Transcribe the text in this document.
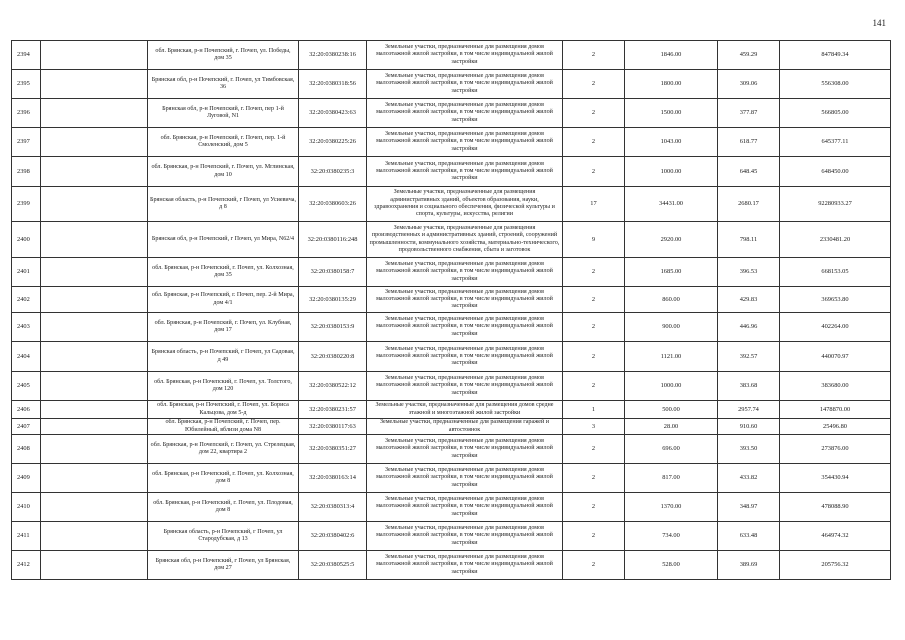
141
2394		обл. Брянская, р-н Почепский, г. Почеп, ул. Победы, дом 35	32:20:0380238:16	Земельные участки, предназначенные для размещения домов малоэтажной жилой застройки, в том числе индивидуальной жилой застройки	2	1846.00	459.29	847849.34
2395		Брянская обл, р-н Почепский, г. Почеп, ул Тимбовская, 36	32:20:0380318:56	Земельные участки, предназначенные для размещения домов малоэтажной жилой застройки, в том числе индивидуальной жилой застройки	2	1800.00	309.06	556308.00
2396		Брянская обл, р-н Почепский, г. Почеп, пер 1-й Луговой, N1	32:20:0380423:63	Земельные участки, предназначенные для размещения домов малоэтажной жилой застройки, в том числе индивидуальной жилой застройки	2	1500.00	377.87	566805.00
2397		обл. Брянская, р-н Почепский, г. Почеп, пер. 1-й Смоленский, дом 5	32:20:0380225:26	Земельные участки, предназначенные для размещения домов малоэтажной жилой застройки, в том числе индивидуальной жилой застройки	2	1043.00	618.77	645377.11
2398		обл. Брянская, р-н Почепский, г. Почеп, ул. Мглинская, дом 10	32:20:0380235:3	Земельные участки, предназначенные для размещения домов малоэтажной жилой застройки, в том числе индивидуальной жилой застройки	2	1000.00	648.45	648450.00
2399		Брянская область, р-н Почепский, г Почеп, ул Усиевича, д 8	32:20:0380603:26	Земельные участки, предназначенные для размещения административных зданий, объектов образования, науки, здравоохранения и социального обеспечения, физической культуры и спорта, культуры, искусства, религии	17	34431.00	2680.17	92280933.27
2400		Брянская обл, р-н Почепский, г Почеп, ул Мира, N62/4	32:20:0380116:248	Земельные участки, предназначенные для размещения производственных и административных зданий, строений, сооружений промышленности, коммунального хозяйства, материально-технического, продовольственного снабжения, сбыта и заготовок	9	2920.00	798.11	2330481.20
2401		обл. Брянская, р-н Почепский, г. Почеп, ул. Колхозная, дом 35	32:20:0380158:7	Земельные участки, предназначенные для размещения домов малоэтажной жилой застройки, в том числе индивидуальной жилой застройки	2	1685.00	396.53	668153.05
2402		обл. Брянская, р-н Почепский, г. Почеп, пер. 2-й Мира, дом 4/1	32:20:0380135:29	Земельные участки, предназначенные для размещения домов малоэтажной жилой застройки, в том числе индивидуальной жилой застройки	2	860.00	429.83	369653.80
2403		обл. Брянская, р-н Почепский, г. Почеп, ул. Клубная, дом 17	32:20:0380153:9	Земельные участки, предназначенные для размещения домов малоэтажной жилой застройки, в том числе индивидуальной жилой застройки	2	900.00	446.96	402264.00
2404		Брянская область, р-н Почепский, г Почеп, ул Садовая, д 49	32:20:0380220:8	Земельные участки, предназначенные для размещения домов малоэтажной жилой застройки, в том числе индивидуальной жилой застройки	2	1121.00	392.57	440070.97
2405		обл. Брянская, р-н Почепский, г. Почеп, ул. Толстого, дом 120	32:20:0380522:12	Земельные участки, предназначенные для размещения домов малоэтажной жилой застройки, в том числе индивидуальной жилой застройки	2	1000.00	383.68	383680.00
2406		обл. Брянская, р-н Почепский, г. Почеп, ул. Бориса Кальцова, дом 5-д	32:20:0380231:57	Земельные участки, предназначенные для размещения домов средне этажной и многоэтажной жилой застройки	1	500.00	2957.74	1478870.00
2407		обл. Брянская, р-н Почепский, г. Почеп, пер. Юбилейный, вблизи дома N8	32:20:0380117:63	Земельные участки, предназначенные для размещения гаражей и автостоянок	3	28.00	910.60	25496.80
2408		обл. Брянская, р-н Почепский, г. Почеп, ул. Стрелецкая, дом 22, квартира 2	32:20:0380351:27	Земельные участки, предназначенные для размещения домов малоэтажной жилой застройки, в том числе индивидуальной жилой застройки	2	696.00	393.50	273876.00
2409		обл. Брянская, р-н Почепский, г. Почеп, ул. Колхозная, дом 8	32:20:0380163:14	Земельные участки, предназначенные для размещения домов малоэтажной жилой застройки, в том числе индивидуальной жилой застройки	2	817.00	433.82	354430.94
2410		обл. Брянская, р-н Почепский, г. Почеп, ул. Плодовая, дом 8	32:20:0380313:4	Земельные участки, предназначенные для размещения домов малоэтажной жилой застройки, в том числе индивидуальной жилой застройки	2	1370.00	348.97	478088.90
2411		Брянская область, р-н Почепский, г Почеп, ул Стародубская, д 13	32:20:0380402:6	Земельные участки, предназначенные для размещения домов малоэтажной жилой застройки, в том числе индивидуальной жилой застройки	2	734.00	633.48	464974.32
2412		Брянская обл, р-н Почепский, г Почеп, ул Брянская, дом 27	32:20:0380525:5	Земельные участки, предназначенные для размещения домов малоэтажной жилой застройки, в том числе индивидуальной жилой застройки	2	528.00	389.69	205756.32
